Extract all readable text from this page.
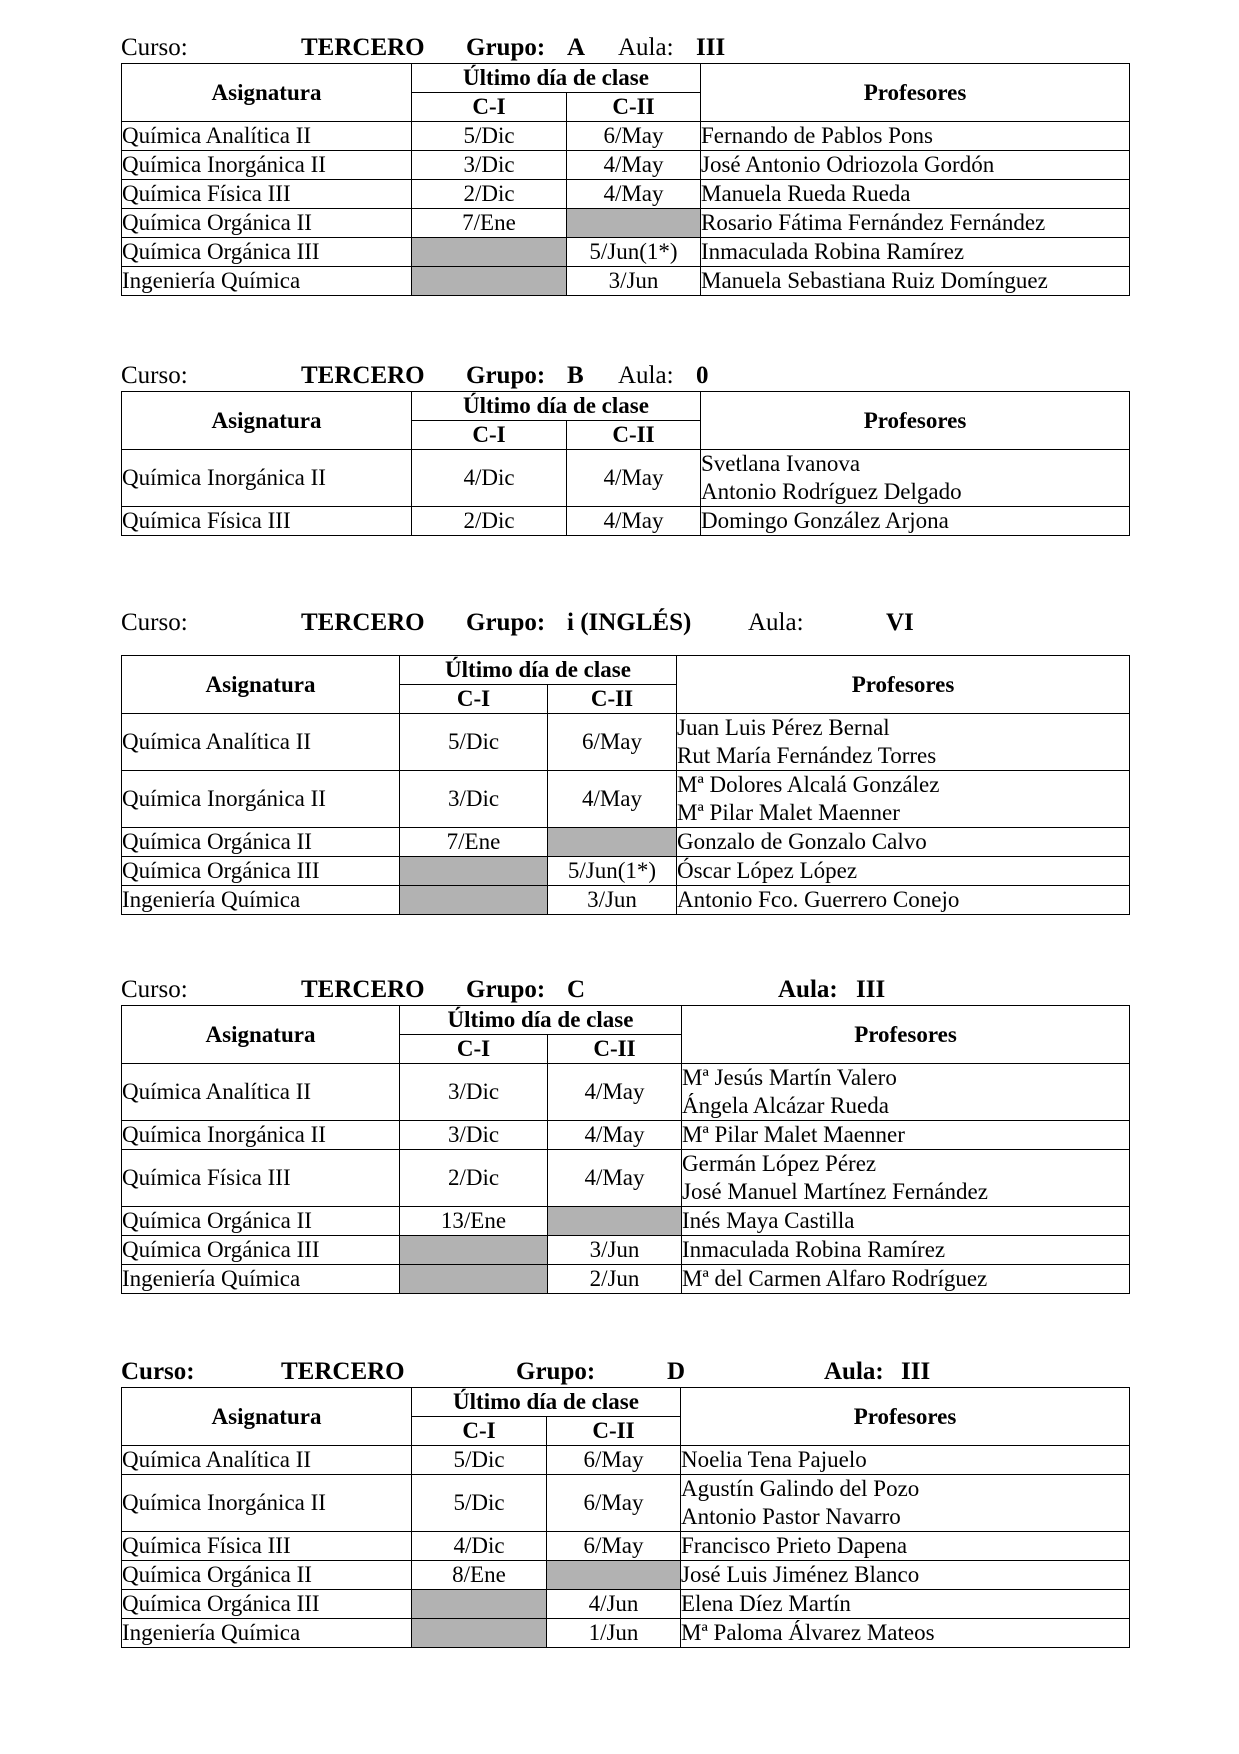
Curso:	TERCERO Grupo: A Aula: III
Asignatura	Último día de clase		Profesores
	C-I	C-II	
Química Analítica II	5/Dic	6/May	Fernando de Pablos Pons

Química Inorgánica II	3/Dic	4/May	José Antonio Odriozola Gordón

Química Física III	2/Dic	4/May	Manuela Rueda Rueda

Química Orgánica II	7/Ene		Rosario Fátima Fernández Fernández

Química Orgánica III		5/Jun(1*)	Inmaculada Robina Ramírez

Ingeniería Química		3/Jun	Manuela Sebastiana Ruiz Domínguez
Curso:	TERCERO Grupo: B Aula: 0
Asignatura	Último día de clase		Profesores
	C-I	C-II	
Química Inorgánica II	4/Dic	4/May	Svetlana Ivanova
Antonio Rodríguez Delgado

Química Física III	2/Dic	4/May	Domingo González Arjona
Curso:	TERCERO Grupo: i (INGLÉS) Aula:	VI
Asignatura	Último día de clase		Profesores
	C-I	C-II	
Química Analítica II	5/Dic	6/May	Juan Luis Pérez Bernal
Rut María Fernández Torres

Química Inorgánica II	3/Dic	4/May	Mª Dolores Alcalá González
Mª Pilar Malet Maenner

Química Orgánica II	7/Ene		Gonzalo de Gonzalo Calvo

Química Orgánica III		5/Jun(1*)	Óscar López López

Ingeniería Química		3/Jun	Antonio Fco. Guerrero Conejo
Curso:	TERCERO Grupo: C	Aula: III
Asignatura	Último día de clase		Profesores
	C-I	C-II	
Química Analítica II	3/Dic	4/May	Mª Jesús Martín Valero
Ángela Alcázar Rueda

Química Inorgánica II	3/Dic	4/May	Mª Pilar Malet Maenner

Química Física III	2/Dic	4/May	Germán López Pérez
José Manuel Martínez Fernández

Química Orgánica II	13/Ene		Inés Maya Castilla

Química Orgánica III		3/Jun	Inmaculada Robina Ramírez

Ingeniería Química		2/Jun	Mª del Carmen Alfaro Rodríguez
Curso:	TERCERO	Grupo:	D	Aula: III
Asignatura	Último día de clase		Profesores
	C-I	C-II	
Química Analítica II	5/Dic	6/May	Noelia Tena Pajuelo

Química Inorgánica II	5/Dic	6/May	Agustín Galindo del Pozo
Antonio Pastor Navarro

Química Física III	4/Dic	6/May	Francisco Prieto Dapena

Química Orgánica II	8/Ene		José Luis Jiménez Blanco

Química Orgánica III		4/Jun	Elena Díez Martín

Ingeniería Química		1/Jun	Mª Paloma Álvarez Mateos
